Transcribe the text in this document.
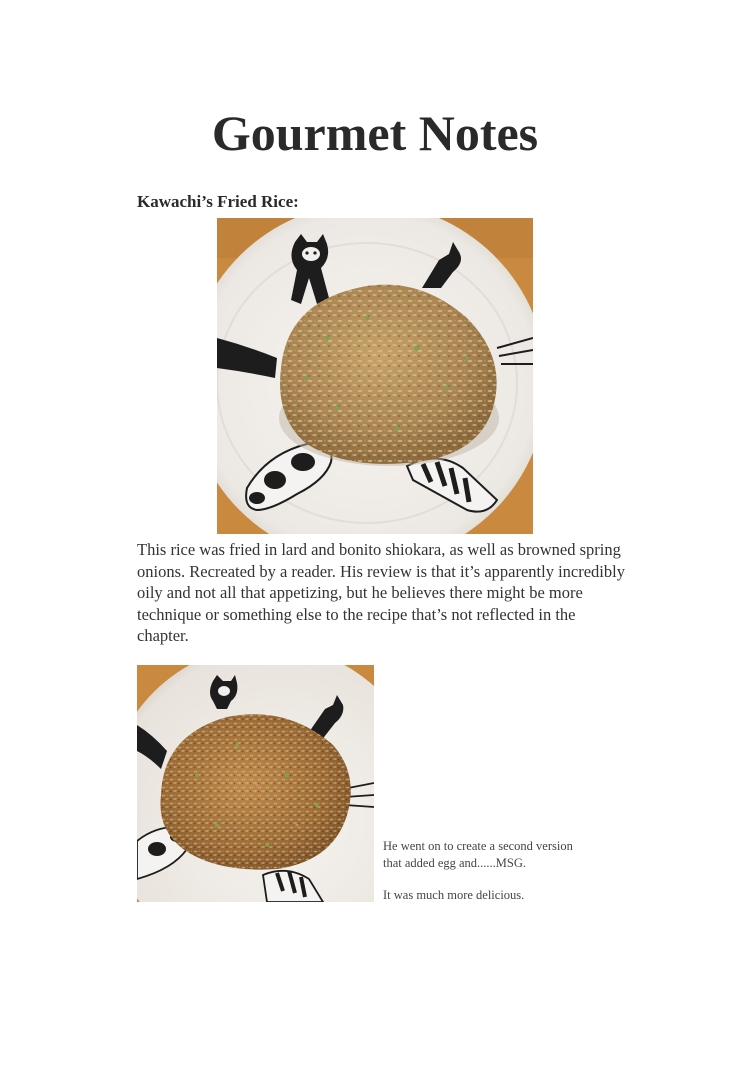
Gourmet Notes
Kawachi’s Fried Rice:

This rice was fried in lard and bonito shiokara, as well as browned spring onions. Recreated by a reader. His review is that it’s apparently incredibly oily and not all that appetizing, but he believes there might be more technique or something else to the recipe that’s not reflected in the chapter.

He went on to create a second version

that added egg and......MSG.

It was much more delicious.
